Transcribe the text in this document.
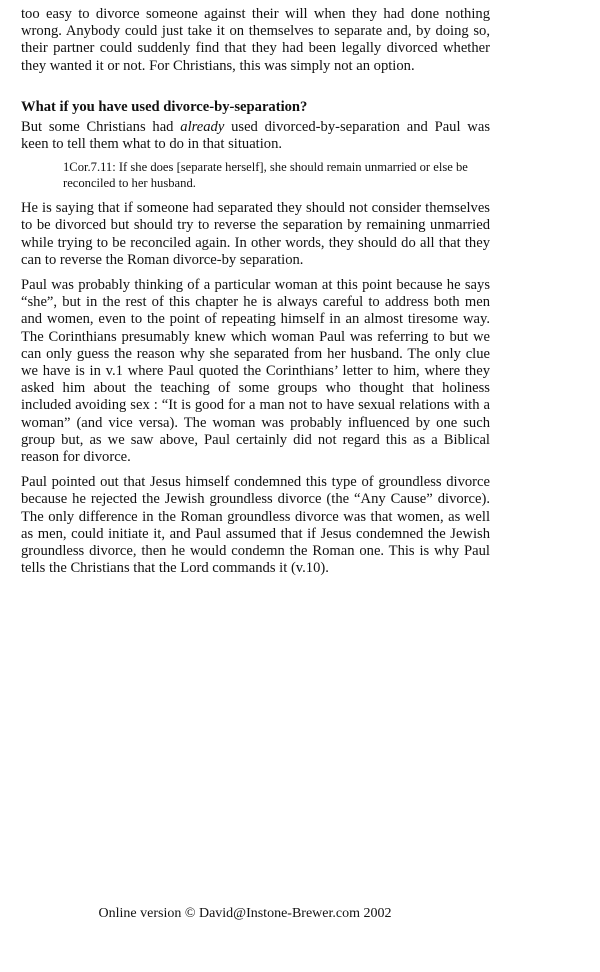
too easy to divorce someone against their will when they had done nothing wrong. Anybody could just take it on themselves to separate and, by doing so, their partner could suddenly find that they had been legally divorced whether they wanted it or not. For Christians, this was simply not an option.

What if you have used divorce-by-separation?

But some Christians had already used divorced-by-separation and Paul was keen to tell them what to do in that situation.

1Cor.7.11: If she does [separate herself], she should remain unmarried or else be reconciled to her husband.

He is saying that if someone had separated they should not consider themselves to be divorced but should try to reverse the separation by remaining unmarried while trying to be reconciled again. In other words, they should do all that they can to reverse the Roman divorce-by separation.

Paul was probably thinking of a particular woman at this point because he says “she”, but in the rest of this chapter he is always careful to address both men and women, even to the point of repeating himself in an almost tiresome way. The Corinthians presumably knew which woman Paul was referring to but we can only guess the reason why she separated from her husband. The only clue we have is in v.1 where Paul quoted the Corinthians’ letter to him, where they asked him about the teaching of some groups who thought that holiness included avoiding sex : “It is good for a man not to have sexual relations with a woman” (and vice versa). The woman was probably influenced by one such group but, as we saw above, Paul certainly did not regard this as a Biblical reason for divorce.

Paul pointed out that Jesus himself condemned this type of groundless divorce because he rejected the Jewish groundless divorce (the “Any Cause” divorce). The only difference in the Roman groundless divorce was that women, as well as men, could initiate it, and Paul assumed that if Jesus condemned the Jewish groundless divorce, then he would condemn the Roman one. This is why Paul tells the Christians that the Lord commands it (v.10).

Online version © David@Instone-Brewer.com 2002
